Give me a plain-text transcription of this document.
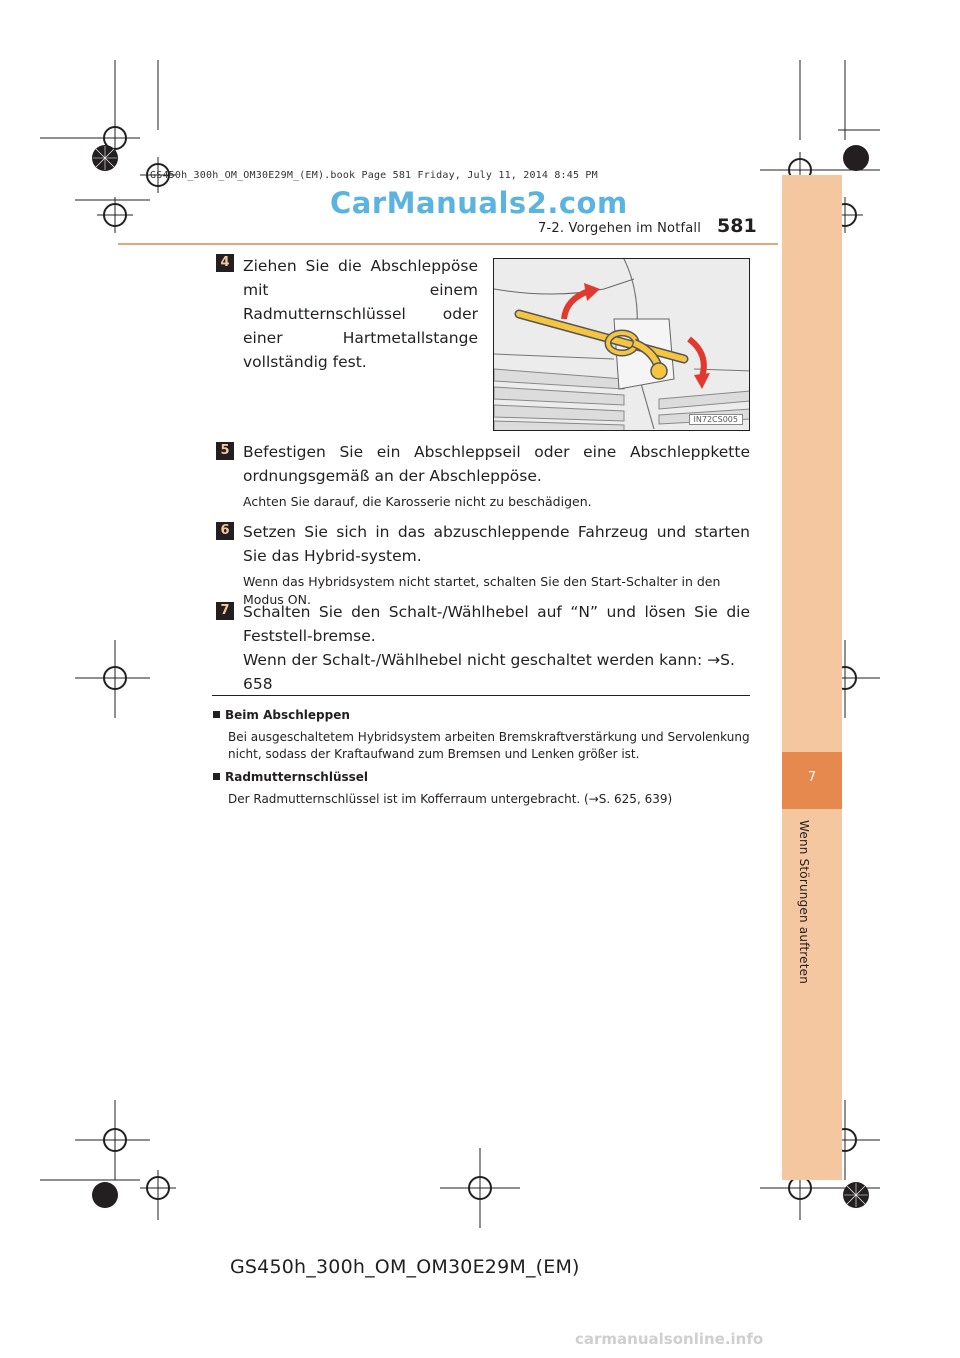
7
Wenn Störungen auftreten
GS450h_300h_OM_OM30E29M_(EM).book Page 581 Friday, July 11, 2014 8:45 PM
CarManuals2.com
7-2. Vorgehen im Notfall 581
4 Ziehen Sie die Abschleppöse mit einem Radmutternschlüssel oder einer Hartmetallstange vollständig fest.
IN72CS005
5 Befestigen Sie ein Abschleppseil oder eine Abschleppkette ordnungsgemäß an der Abschleppöse.
Achten Sie darauf, die Karosserie nicht zu beschädigen.
6 Setzen Sie sich in das abzuschleppende Fahrzeug und starten Sie das Hybrid-system.
Wenn das Hybridsystem nicht startet, schalten Sie den Start-Schalter in den Modus ON.
7 Schalten Sie den Schalt-/Wählhebel auf “N” und lösen Sie die Feststell-bremse.
Wenn der Schalt-/Wählhebel nicht geschaltet werden kann: →S. 658
Beim Abschleppen
Bei ausgeschaltetem Hybridsystem arbeiten Bremskraftverstärkung und Servolenkung nicht, sodass der Kraftaufwand zum Bremsen und Lenken größer ist.
Radmutternschlüssel
Der Radmutternschlüssel ist im Kofferraum untergebracht. (→S. 625, 639)
GS450h_300h_OM_OM30E29M_(EM)
carmanualsonline.info
